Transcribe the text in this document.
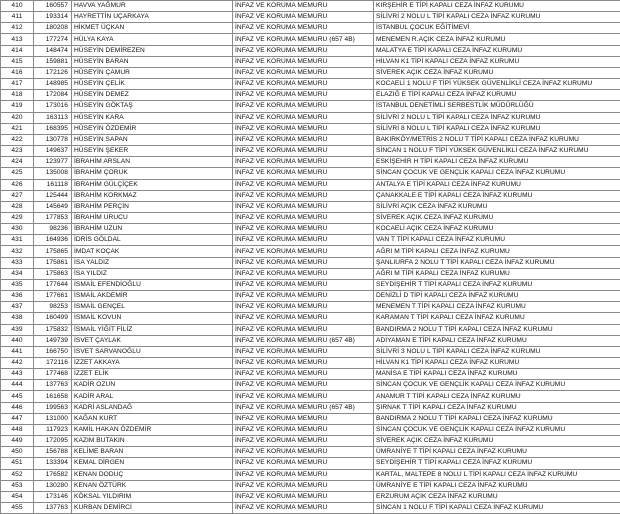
410	160557	HAVVA YAĞMUR	İNFAZ VE KORUMA MEMURU	KIRŞEHİR E TİPİ KAPALI CEZA İNFAZ KURUMU
411	193314	HAYRETTİN UÇARKAYA	İNFAZ VE KORUMA MEMURU	SİLİVRİ 2 NOLU L TİPİ KAPALI CEZA İNFAZ KURUMU
412	180208	HİKMET ÜÇKAN	İNFAZ VE KORUMA MEMURU	İSTANBUL ÇOCUK EĞİTİMEVİ
413	177274	HÜLYA KAYA	İNFAZ VE KORUMA MEMURU (657 4B)	MENEMEN R.AÇIK CEZA İNFAZ KURUMU
414	148474	HÜSEYİN DEMİREZEN	İNFAZ VE KORUMA MEMURU	MALATYA E TİPİ KAPALI CEZA İNFAZ KURUMU
415	159881	HÜSEYİN BARAN	İNFAZ VE KORUMA MEMURU	HİLVAN K1 TİPİ KAPALI CEZA İNFAZ KURUMU
416	172126	HÜSEYİN ÇAMUR	İNFAZ VE KORUMA MEMURU	SİVEREK AÇIK CEZA İNFAZ KURUMU
417	148985	HÜSEYİN ÇELİK	İNFAZ VE KORUMA MEMURU	KOCAELİ 1 NOLU F TİPİ YÜKSEK GÜVENLİKLİ CEZA İNFAZ KURUMU
418	172084	HÜSEYİN DEMEZ	İNFAZ VE KORUMA MEMURU	ELAZIĞ E TİPİ KAPALI CEZA İNFAZ KURUMU
419	173016	HÜSEYİN GÖKTAŞ	İNFAZ VE KORUMA MEMURU	İSTANBUL DENETİMLİ SERBESTLİK MÜDÜRLÜĞÜ
420	163113	HÜSEYİN KARA	İNFAZ VE KORUMA MEMURU	SİLİVRİ 2 NOLU L TİPİ KAPALI CEZA İNFAZ KURUMU
421	168395	HÜSEYİN ÖZDEMİR	İNFAZ VE KORUMA MEMURU	SİLİVRİ 8 NOLU L TİPİ KAPALI CEZA İNFAZ KURUMU
422	130778	HÜSEYİN SAPAN	İNFAZ VE KORUMA MEMURU	BAKIRKÖY/METRİS 2 NOLU T TİPİ KAPALI CEZA İNFAZ KURUMU
423	149637	HÜSEYİN ŞEKER	İNFAZ VE KORUMA MEMURU	SİNCAN 1 NOLU F TİPİ YÜKSEK GÜVENLİKLİ CEZA İNFAZ KURUMU
424	123977	İBRAHİM ARSLAN	İNFAZ VE KORUMA MEMURU	ESKİŞEHİR H TİPİ KAPALI CEZA İNFAZ KURUMU
425	135008	İBRAHİM ÇORUK	İNFAZ VE KORUMA MEMURU	SİNCAN ÇOCUK VE GENÇLİK KAPALI CEZA İNFAZ KURUMU
426	161118	İBRAHİM GÜLÇİÇEK	İNFAZ VE KORUMA MEMURU	ANTALYA E TİPİ KAPALI CEZA İNFAZ KURUMU
427	125444	İBRAHİM KORKMAZ	İNFAZ VE KORUMA MEMURU	ÇANAKKALE E TİPİ KAPALI CEZA İNFAZ KURUMU
428	145649	İBRAHİM PERÇİN	İNFAZ VE KORUMA MEMURU	SİLİVRİ AÇIK CEZA İNFAZ KURUMU
429	177853	İBRAHİM URUCU	İNFAZ VE KORUMA MEMURU	SİVEREK AÇIK CEZA İNFAZ KURUMU
430	98236	İBRAHİM UZUN	İNFAZ VE KORUMA MEMURU	KOCAELİ AÇIK CEZA İNFAZ KURUMU
431	164936	İDRİS GÖLDAL	İNFAZ VE KORUMA MEMURU	VAN T TİPİ KAPALI CEZA İNFAZ KURUMU
432	175865	İMDAT KOÇAK	İNFAZ VE KORUMA MEMURU	AĞRI M TİPİ KAPALI CEZA İNFAZ KURUMU
433	175861	İSA YALDIZ	İNFAZ VE KORUMA MEMURU	ŞANLIURFA 2 NOLU T TİPİ KAPALI CEZA İNFAZ KURUMU
434	175863	İSA YILDIZ	İNFAZ VE KORUMA MEMURU	AĞRI M TİPİ KAPALI CEZA İNFAZ KURUMU
435	177644	İSMAİL EFENDİOĞLU	İNFAZ VE KORUMA MEMURU	SEYDİŞEHİR T TİPİ KAPALI CEZA İNFAZ KURUMU
436	177661	İSMAİL AKDEMİR	İNFAZ VE KORUMA MEMURU	DENİZLİ D TİPİ KAPALI CEZA İNFAZ KURUMU
437	98253	İSMAİL GENÇEL	İNFAZ VE KORUMA MEMURU	MENEMEN T TİPİ KAPALI CEZA İNFAZ KURUMU
438	160499	İSMAİL KOVUN	İNFAZ VE KORUMA MEMURU	KARAMAN T TİPİ KAPALI CEZA İNFAZ KURUMU
439	175832	İSMAİL YİĞİT FİLİZ	İNFAZ VE KORUMA MEMURU	BANDIRMA 2 NOLU T TİPİ KAPALI CEZA İNFAZ KURUMU
440	149739	İSVET ÇAYLAK	İNFAZ VE KORUMA MEMURU (657 4B)	ADIYAMAN E TİPİ KAPALI CEZA İNFAZ KURUMU
441	166750	İSVET SARVANOĞLU	İNFAZ VE KORUMA MEMURU	SİLİVRİ 3 NOLU L TİPİ KAPALI CEZA İNFAZ KURUMU
442	172116	İZZET AKKAYA	İNFAZ VE KORUMA MEMURU	HİLVAN K1 TİPİ KAPALI CEZA İNFAZ KURUMU
443	177468	İZZET ELİK	İNFAZ VE KORUMA MEMURU	MANİSA E TİPİ KAPALI CEZA İNFAZ KURUMU
444	137763	KADİR OZUN	İNFAZ VE KORUMA MEMURU	SİNCAN ÇOCUK VE GENÇLİK KAPALI CEZA İNFAZ KURUMU
445	161658	KADİR ARAL	İNFAZ VE KORUMA MEMURU	ANAMUR T TİPİ KAPALI CEZA İNFAZ KURUMU
446	199563	KADRİ ASLANDAĞ	İNFAZ VE KORUMA MEMURU (657 4B)	ŞIRNAK T TİPİ KAPALI CEZA İNFAZ KURUMU
447	131000	KAĞAN KURT	İNFAZ VE KORUMA MEMURU	BANDIRMA 2 NOLU T TİPİ KAPALI CEZA İNFAZ KURUMU
448	117923	KAMİL HAKAN ÖZDEMİR	İNFAZ VE KORUMA MEMURU	SİNCAN ÇOCUK VE GENÇLİK KAPALI CEZA İNFAZ KURUMU
449	172095	KAZIM BUTAKIN	İNFAZ VE KORUMA MEMURU	SİVEREK AÇIK CEZA İNFAZ KURUMU
450	156788	KELİME BARAN	İNFAZ VE KORUMA MEMURU	ÜMRANİYE T TİPİ KAPALI CEZA İNFAZ KURUMU
451	133394	KEMAL DİRGEN	İNFAZ VE KORUMA MEMURU	SEYDİŞEHİR T TİPİ KAPALI CEZA İNFAZ KURUMU
452	176582	KENAN DODUÇ	İNFAZ VE KORUMA MEMURU	KARTAL, MALTEPE 8 NOLU L TİPİ KAPALI CEZA İNFAZ KURUMU
453	130280	KENAN ÖZTÜRK	İNFAZ VE KORUMA MEMURU	ÜMRANİYE E TİPİ KAPALI CEZA İNFAZ KURUMU
454	173146	KÖKSAL YILDIRIM	İNFAZ VE KORUMA MEMURU	ERZURUM AÇIK CEZA İNFAZ KURUMU
455	137763	KURBAN DEMİRCİ	İNFAZ VE KORUMA MEMURU	SİNCAN 1 NOLU F TİPİ KAPALI CEZA İNFAZ KURUMU
